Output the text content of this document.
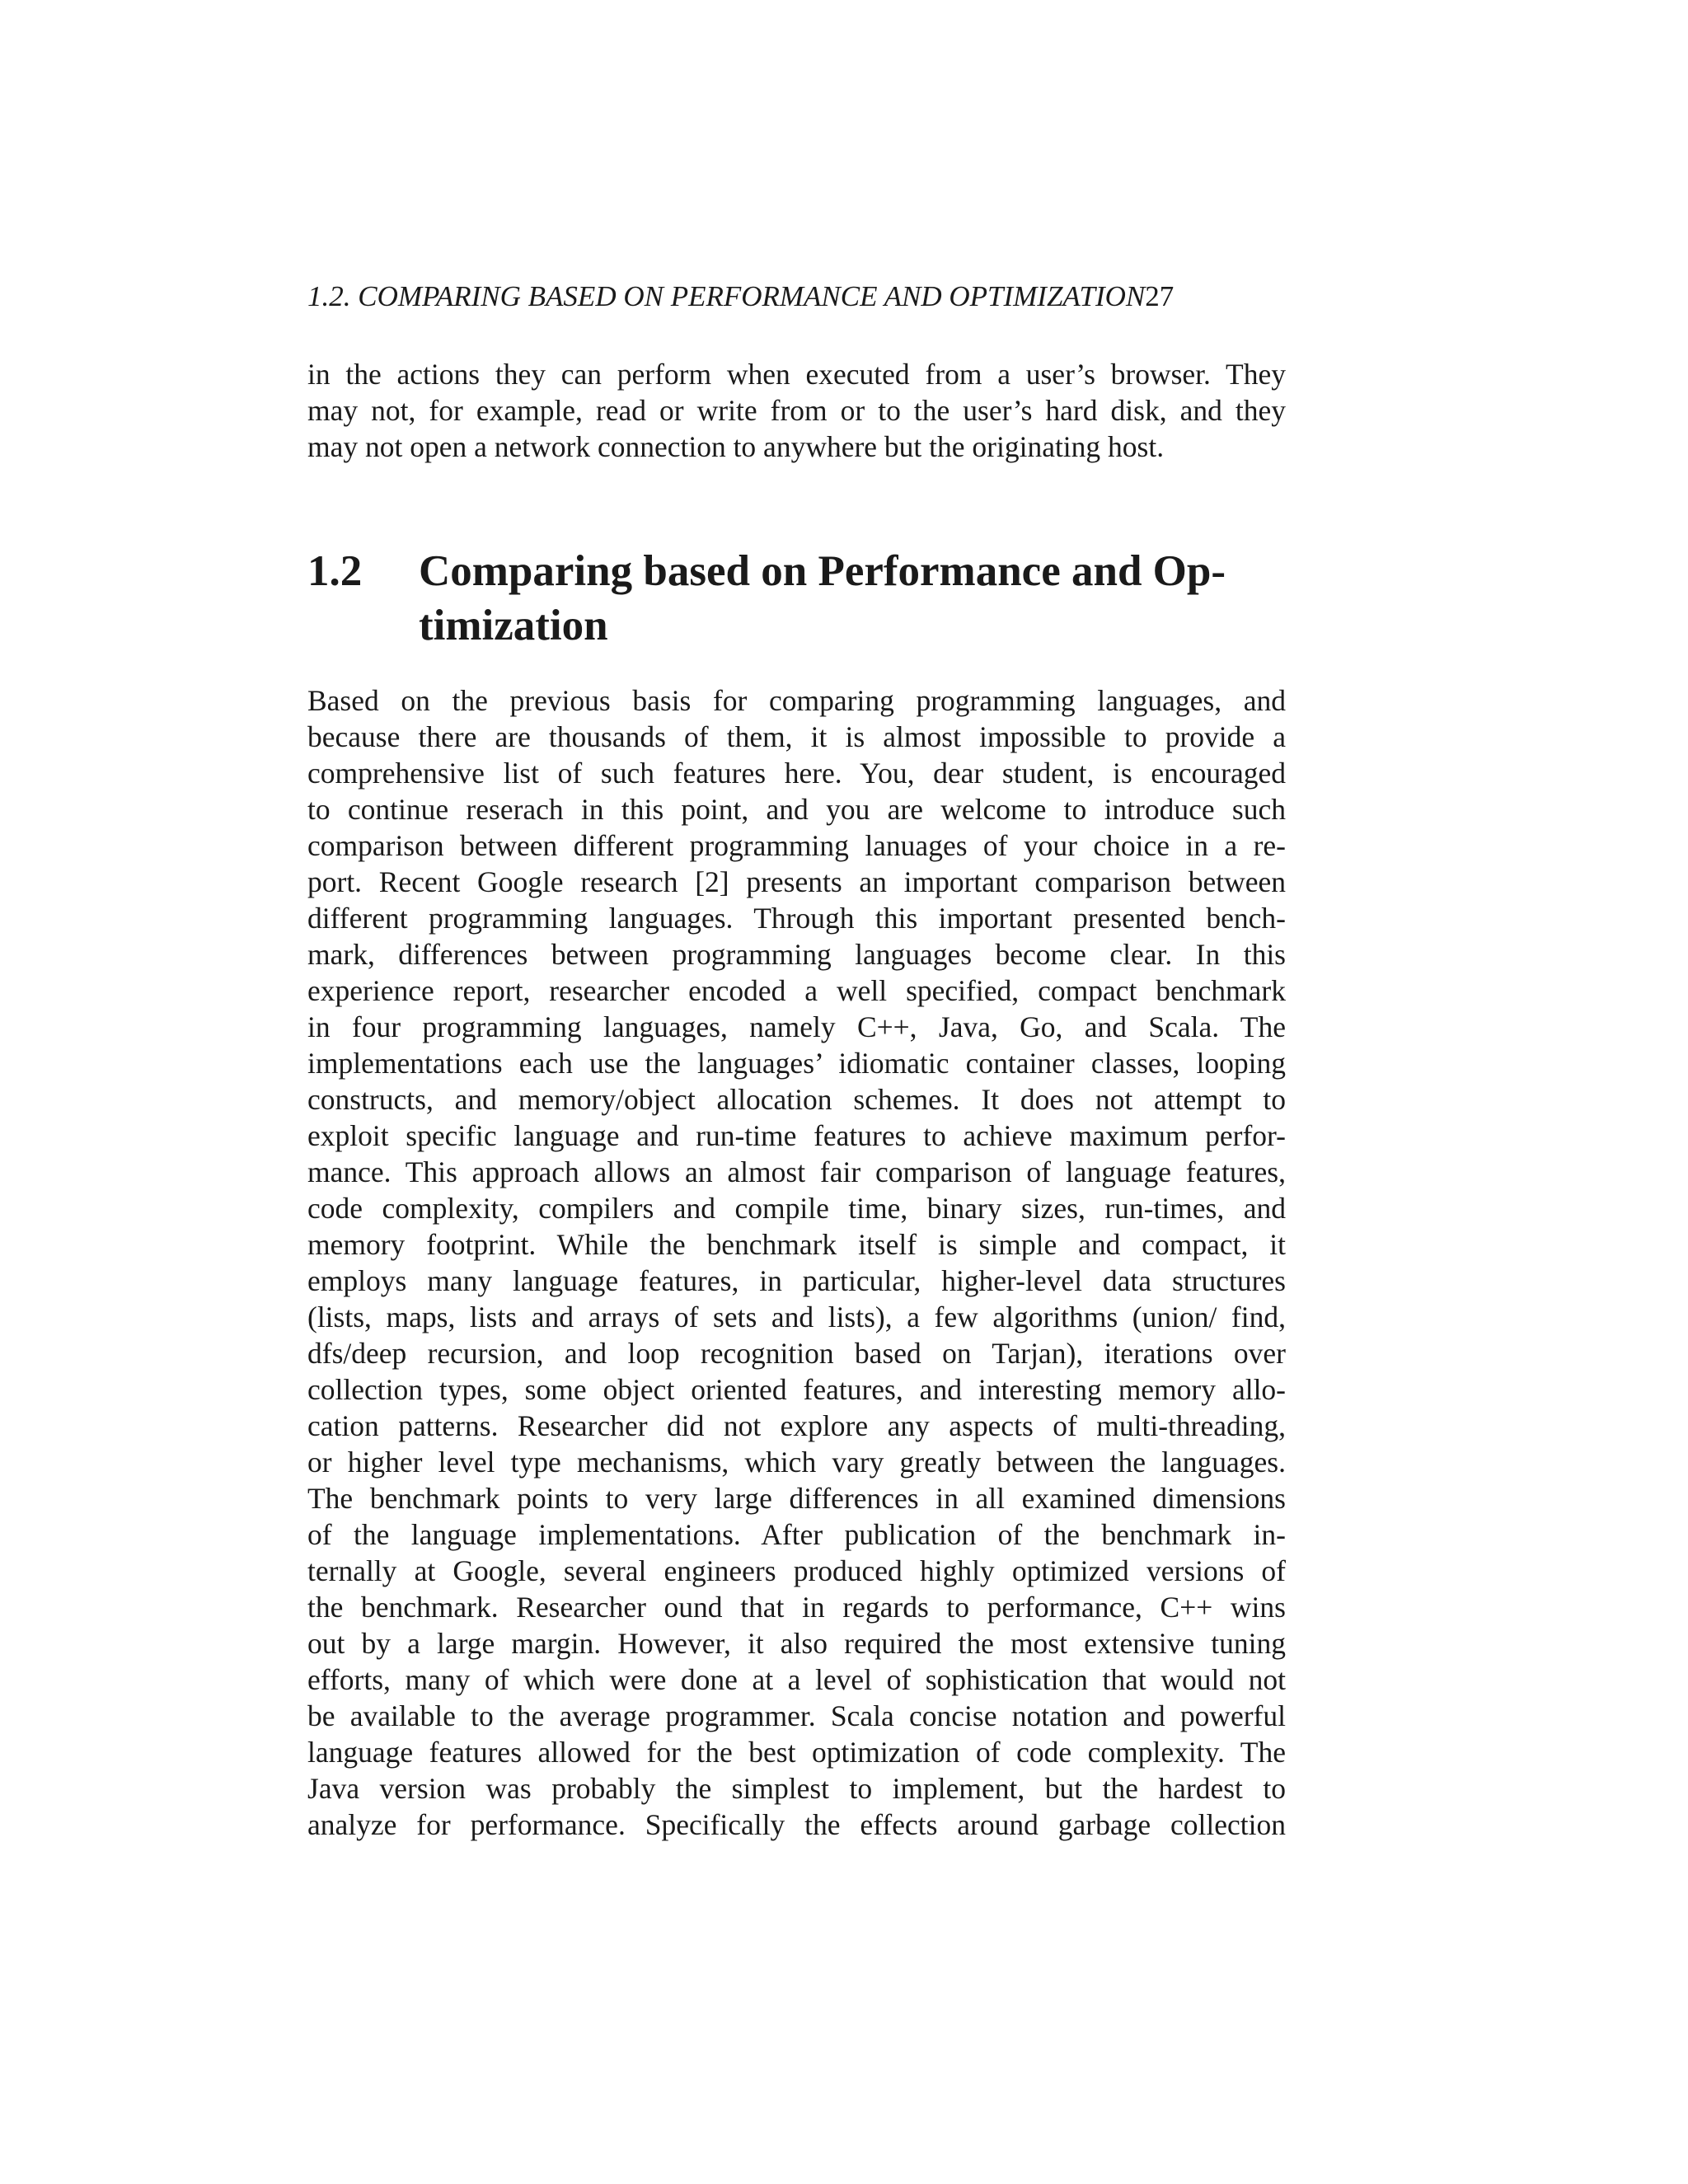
1.2. COMPARING BASED ON PERFORMANCE AND OPTIMIZATION27
in the actions they can perform when executed from a user’s browser. They
may not, for example, read or write from or to the user’s hard disk, and they
may not open a network connection to anywhere but the originating host.
1.2 Comparing based on Performance and Op-
timization
Based on the previous basis for comparing programming languages, and
because there are thousands of them, it is almost impossible to provide a
comprehensive list of such features here. You, dear student, is encouraged
to continue reserach in this point, and you are welcome to introduce such
comparison between different programming lanuages of your choice in a re-
port. Recent Google research [2] presents an important comparison between
different programming languages. Through this important presented bench-
mark, differences between programming languages become clear. In this
experience report, researcher encoded a well specified, compact benchmark
in four programming languages, namely C++, Java, Go, and Scala. The
implementations each use the languages’ idiomatic container classes, looping
constructs, and memory/object allocation schemes. It does not attempt to
exploit specific language and run-time features to achieve maximum perfor-
mance. This approach allows an almost fair comparison of language features,
code complexity, compilers and compile time, binary sizes, run-times, and
memory footprint. While the benchmark itself is simple and compact, it
employs many language features, in particular, higher-level data structures
(lists, maps, lists and arrays of sets and lists), a few algorithms (union/ find,
dfs/deep recursion, and loop recognition based on Tarjan), iterations over
collection types, some object oriented features, and interesting memory allo-
cation patterns. Researcher did not explore any aspects of multi-threading,
or higher level type mechanisms, which vary greatly between the languages.
The benchmark points to very large differences in all examined dimensions
of the language implementations. After publication of the benchmark in-
ternally at Google, several engineers produced highly optimized versions of
the benchmark. Researcher ound that in regards to performance, C++ wins
out by a large margin. However, it also required the most extensive tuning
efforts, many of which were done at a level of sophistication that would not
be available to the average programmer. Scala concise notation and powerful
language features allowed for the best optimization of code complexity. The
Java version was probably the simplest to implement, but the hardest to
analyze for performance. Specifically the effects around garbage collection
